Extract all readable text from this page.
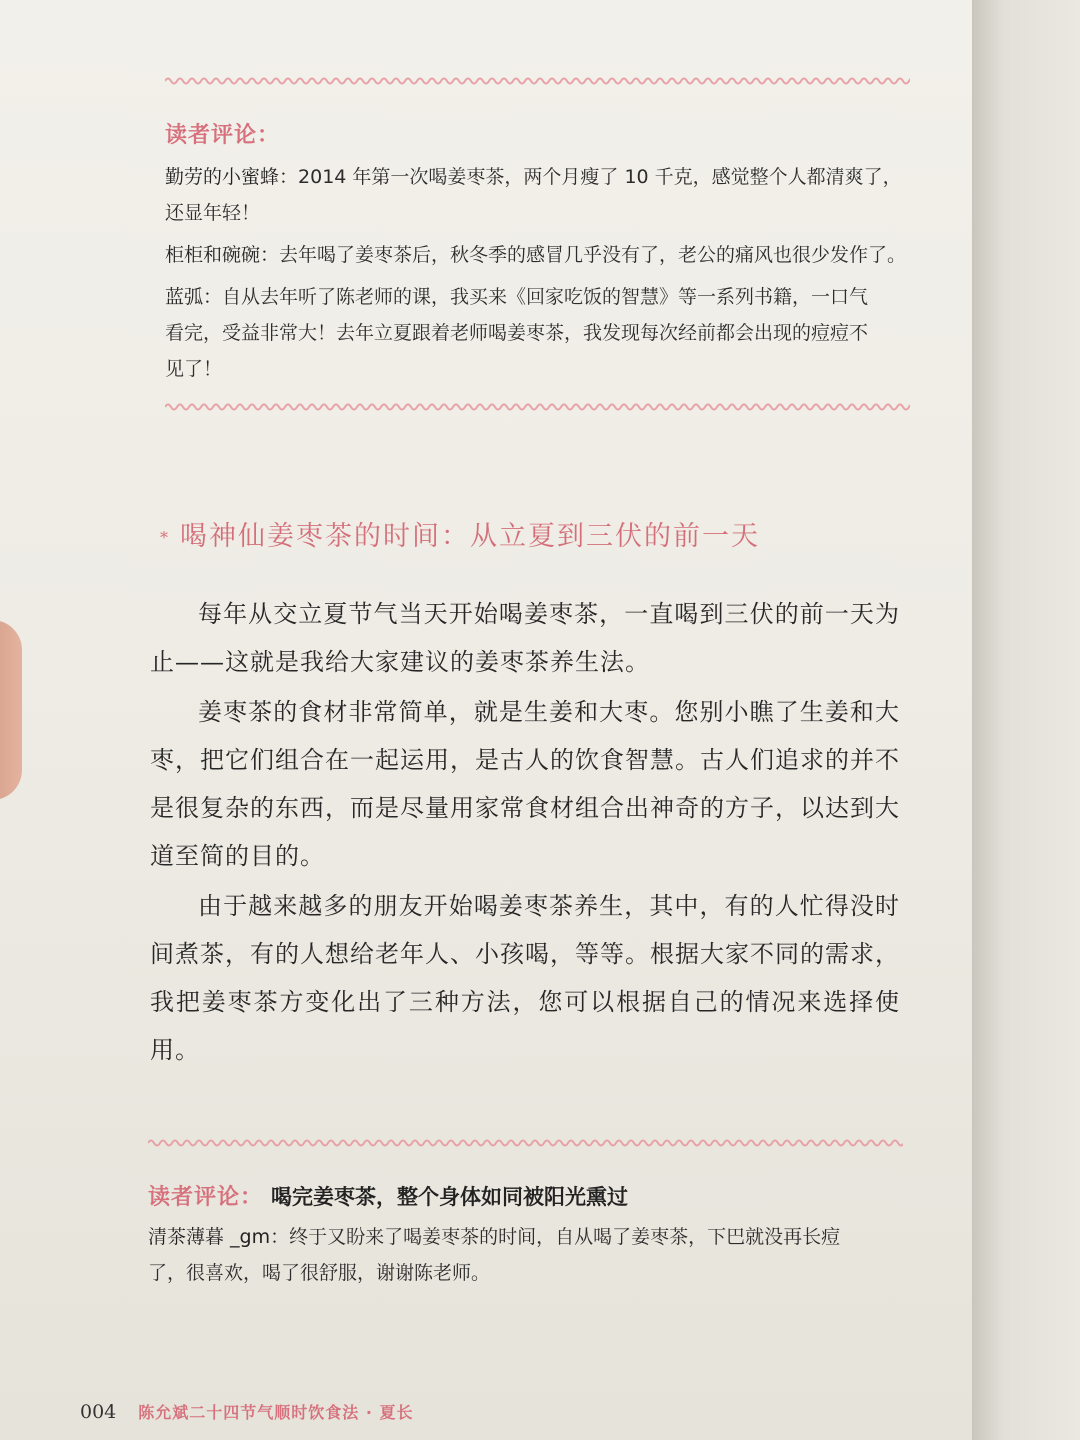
读者评论：

勤劳的小蜜蜂：2014 年第一次喝姜枣茶，两个月瘦了 10 千克，感觉整个人都清爽了，

还显年轻！

柜柜和碗碗：去年喝了姜枣茶后，秋冬季的感冒几乎没有了，老公的痛风也很少发作了。

蓝弧：自从去年听了陈老师的课，我买来《回家吃饭的智慧》等一系列书籍，一口气

看完，受益非常大！去年立夏跟着老师喝姜枣茶，我发现每次经前都会出现的痘痘不

见了！

* 喝神仙姜枣茶的时间：从立夏到三伏的前一天

每年从交立夏节气当天开始喝姜枣茶，一直喝到三伏的前一天为止——这就是我给大家建议的姜枣茶养生法。

姜枣茶的食材非常简单，就是生姜和大枣。您别小瞧了生姜和大枣，把它们组合在一起运用，是古人的饮食智慧。古人们追求的并不是很复杂的东西，而是尽量用家常食材组合出神奇的方子，以达到大道至简的目的。

由于越来越多的朋友开始喝姜枣茶养生，其中，有的人忙得没时间煮茶，有的人想给老年人、小孩喝，等等。根据大家不同的需求，我把姜枣茶方变化出了三种方法，您可以根据自己的情况来选择使用。

读者评论： 喝完姜枣茶，整个身体如同被阳光熏过

清茶薄暮 _gm：终于又盼来了喝姜枣茶的时间，自从喝了姜枣茶，下巴就没再长痘

了，很喜欢，喝了很舒服，谢谢陈老师。

004 陈允斌二十四节气顺时饮食法 · 夏长
